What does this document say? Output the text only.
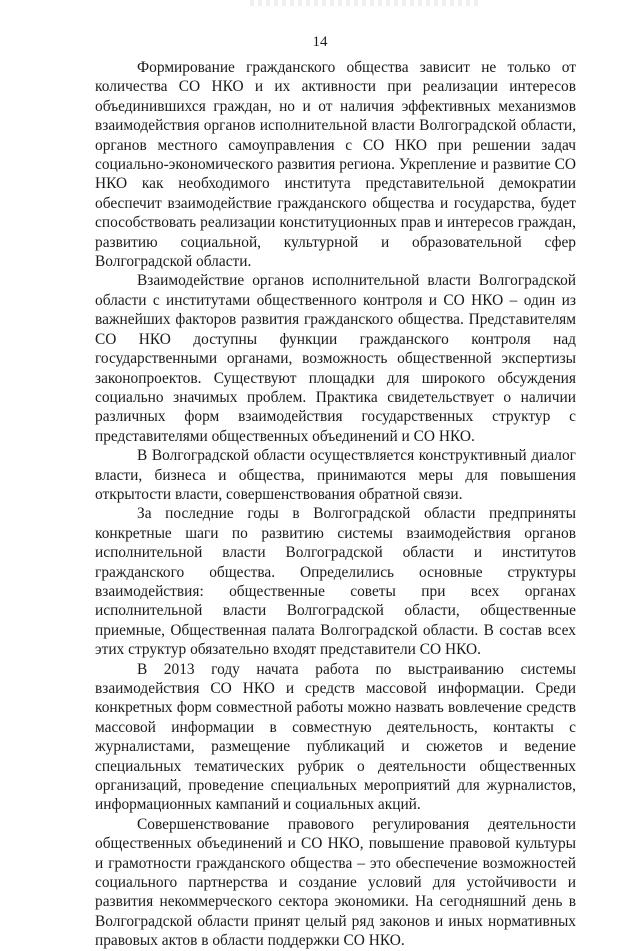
14

Формирование гражданского общества зависит не только от количества СО НКО и их активности при реализации интересов объединившихся граждан, но и от наличия эффективных механизмов взаимодействия органов исполнительной власти Волгоградской области, органов местного самоуправления с СО НКО при решении задач социально-экономического развития региона. Укрепление и развитие СО НКО как необходимого института представительной демократии обеспечит взаимодействие гражданского общества и государства, будет способствовать реализации конституционных прав и интересов граждан, развитию социальной, культурной и образовательной сфер Волгоградской области.

Взаимодействие органов исполнительной власти Волгоградской области с институтами общественного контроля и СО НКО – один из важнейших факторов развития гражданского общества. Представителям СО НКО доступны функции гражданского контроля над государственными органами, возможность общественной экспертизы законопроектов. Существуют площадки для широкого обсуждения социально значимых проблем. Практика свидетельствует о наличии различных форм взаимодействия государственных структур с представителями общественных объединений и СО НКО.

В Волгоградской области осуществляется конструктивный диалог власти, бизнеса и общества, принимаются меры для повышения открытости власти, совершенствования обратной связи.

За последние годы в Волгоградской области предприняты конкретные шаги по развитию системы взаимодействия органов исполнительной власти Волгоградской области и институтов гражданского общества. Определились основные структуры взаимодействия: общественные советы при всех органах исполнительной власти Волгоградской области, общественные приемные, Общественная палата Волгоградской области. В состав всех этих структур обязательно входят представители СО НКО.

В 2013 году начата работа по выстраиванию системы взаимодействия СО НКО и средств массовой информации. Среди конкретных форм совместной работы можно назвать вовлечение средств массовой информации в совместную деятельность, контакты с журналистами, размещение публикаций и сюжетов и ведение специальных тематических рубрик о деятельности общественных организаций, проведение специальных мероприятий для журналистов, информационных кампаний и социальных акций.

Совершенствование правового регулирования деятельности общественных объединений и СО НКО, повышение правовой культуры и грамотности гражданского общества – это обеспечение возможностей социального партнерства и создание условий для устойчивости и развития некоммерческого сектора экономики. На сегодняшний день в Волгоградской области принят целый ряд законов и иных нормативных правовых актов в области поддержки СО НКО.
